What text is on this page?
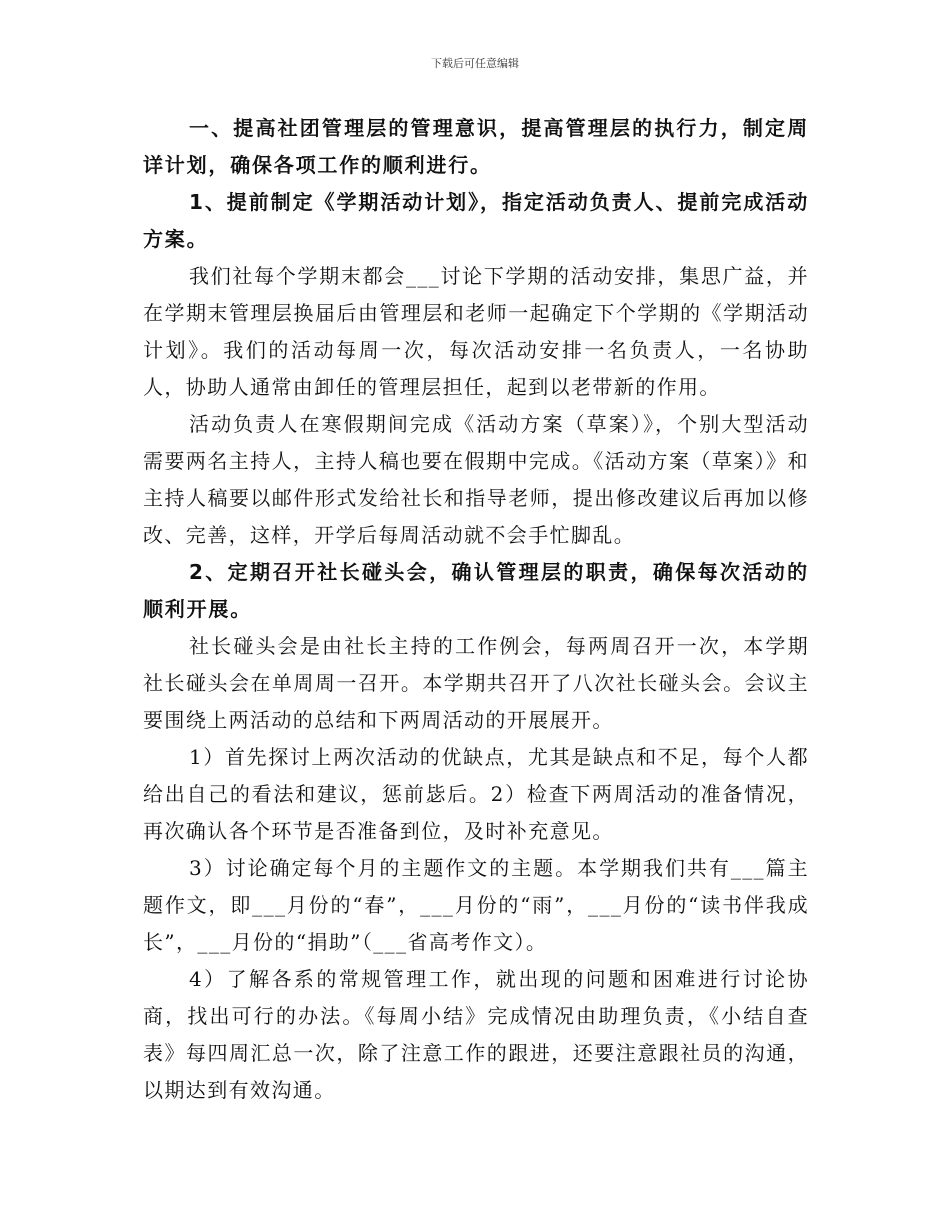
下载后可任意编辑

一、提高社团管理层的管理意识，提高管理层的执行力，制定周详计划，确保各项工作的顺利进行。

1、提前制定《学期活动计划》，指定活动负责人、提前完成活动方案。

我们社每个学期末都会___讨论下学期的活动安排，集思广益，并在学期末管理层换届后由管理层和老师一起确定下个学期的《学期活动计划》。我们的活动每周一次，每次活动安排一名负责人，一名协助人，协助人通常由卸任的管理层担任，起到以老带新的作用。

活动负责人在寒假期间完成《活动方案（草案）》，个别大型活动需要两名主持人，主持人稿也要在假期中完成。《活动方案（草案）》和主持人稿要以邮件形式发给社长和指导老师，提出修改建议后再加以修改、完善，这样，开学后每周活动就不会手忙脚乱。

2、定期召开社长碰头会，确认管理层的职责，确保每次活动的顺利开展。

社长碰头会是由社长主持的工作例会，每两周召开一次，本学期社长碰头会在单周周一召开。本学期共召开了八次社长碰头会。会议主要围绕上两活动的总结和下两周活动的开展展开。

1）首先探讨上两次活动的优缺点，尤其是缺点和不足，每个人都给出自己的看法和建议，惩前毖后。2）检查下两周活动的准备情况，再次确认各个环节是否准备到位，及时补充意见。

3）讨论确定每个月的主题作文的主题。本学期我们共有___篇主题作文，即___月份的“春”，___月份的“雨”，___月份的“读书伴我成长”，___月份的“捐助”（___省高考作文）。

4）了解各系的常规管理工作，就出现的问题和困难进行讨论协商，找出可行的办法。《每周小结》完成情况由助理负责，《小结自查表》每四周汇总一次，除了注意工作的跟进，还要注意跟社员的沟通，以期达到有效沟通。
